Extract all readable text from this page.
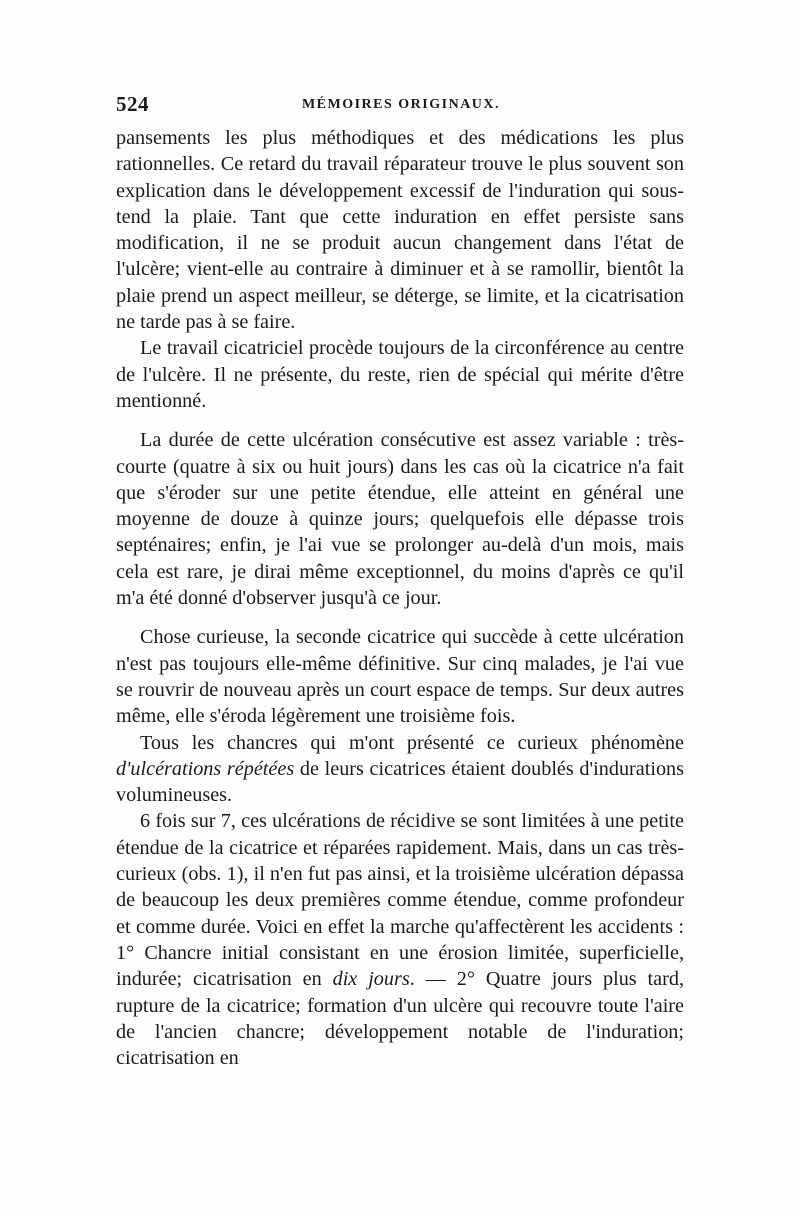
524	MÉMOIRES ORIGINAUX.

pansements les plus méthodiques et des médications les plus rationnelles. Ce retard du travail réparateur trouve le plus souvent son explication dans le développement excessif de l'induration qui sous-tend la plaie. Tant que cette induration en effet persiste sans modification, il ne se produit aucun changement dans l'état de l'ulcère; vient-elle au contraire à diminuer et à se ramollir, bientôt la plaie prend un aspect meilleur, se déterge, se limite, et la cicatrisation ne tarde pas à se faire.

Le travail cicatriciel procède toujours de la circonférence au centre de l'ulcère. Il ne présente, du reste, rien de spécial qui mérite d'être mentionné.

La durée de cette ulcération consécutive est assez variable : très-courte (quatre à six ou huit jours) dans les cas où la cicatrice n'a fait que s'éroder sur une petite étendue, elle atteint en général une moyenne de douze à quinze jours; quelquefois elle dépasse trois septénaires; enfin, je l'ai vue se prolonger au-delà d'un mois, mais cela est rare, je dirai même exceptionnel, du moins d'après ce qu'il m'a été donné d'observer jusqu'à ce jour.

Chose curieuse, la seconde cicatrice qui succède à cette ulcération n'est pas toujours elle-même définitive. Sur cinq malades, je l'ai vue se rouvrir de nouveau après un court espace de temps. Sur deux autres même, elle s'éroda légèrement une troisième fois.

Tous les chancres qui m'ont présenté ce curieux phénomène d'ulcérations répétées de leurs cicatrices étaient doublés d'indurations volumineuses.

6 fois sur 7, ces ulcérations de récidive se sont limitées à une petite étendue de la cicatrice et réparées rapidement. Mais, dans un cas très-curieux (obs. 1), il n'en fut pas ainsi, et la troisième ulcération dépassa de beaucoup les deux premières comme étendue, comme profondeur et comme durée. Voici en effet la marche qu'affectèrent les accidents : 1° Chancre initial consistant en une érosion limitée, superficielle, indurée; cicatrisation en dix jours. — 2° Quatre jours plus tard, rupture de la cicatrice; formation d'un ulcère qui recouvre toute l'aire de l'ancien chancre; développement notable de l'induration; cicatrisation en
